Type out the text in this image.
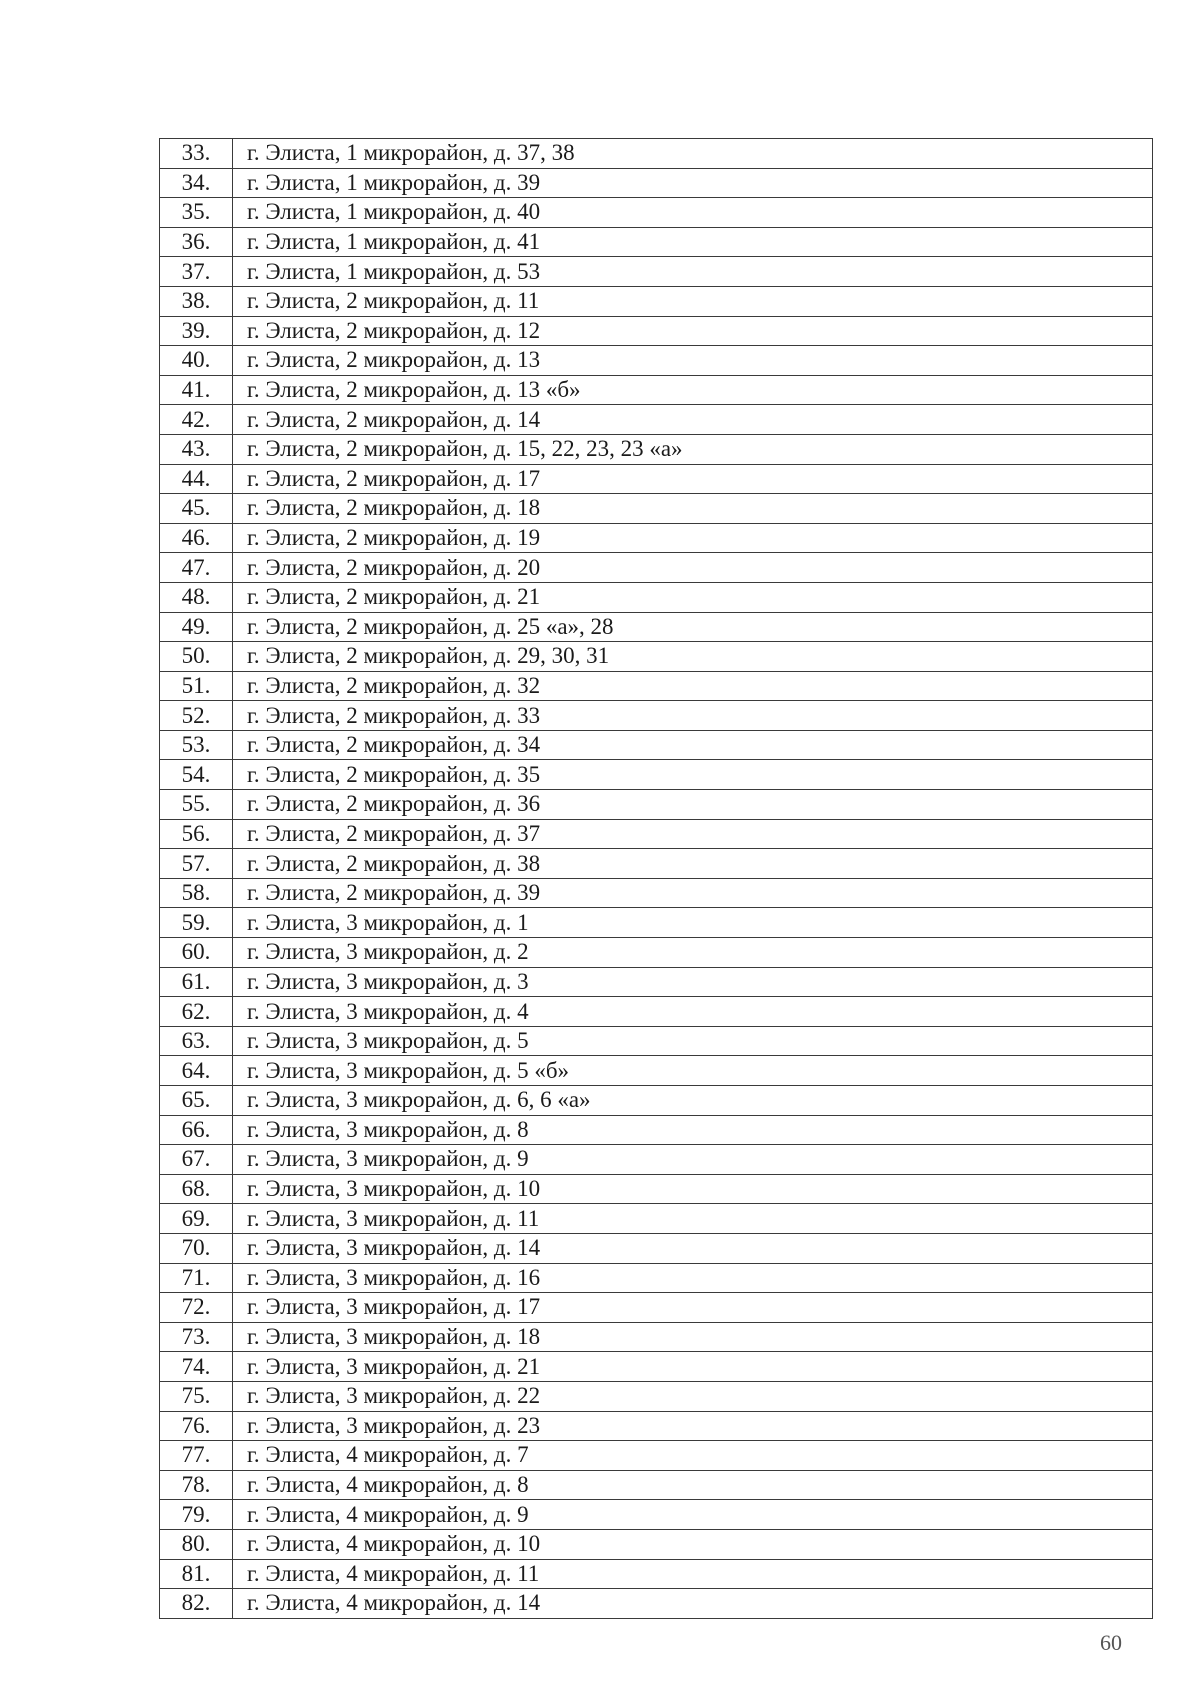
33.	г. Элиста, 1 микрорайон, д. 37, 38
34.	г. Элиста, 1 микрорайон, д. 39
35.	г. Элиста, 1 микрорайон, д. 40
36.	г. Элиста, 1 микрорайон, д. 41
37.	г. Элиста, 1 микрорайон, д. 53
38.	г. Элиста, 2 микрорайон, д. 11
39.	г. Элиста, 2 микрорайон, д. 12
40.	г. Элиста, 2 микрорайон, д. 13
41.	г. Элиста, 2 микрорайон, д. 13 «б»
42.	г. Элиста, 2 микрорайон, д. 14
43.	г. Элиста, 2 микрорайон, д. 15, 22, 23, 23 «а»
44.	г. Элиста, 2 микрорайон, д. 17
45.	г. Элиста, 2 микрорайон, д. 18
46.	г. Элиста, 2 микрорайон, д. 19
47.	г. Элиста, 2 микрорайон, д. 20
48.	г. Элиста, 2 микрорайон, д. 21
49.	г. Элиста, 2 микрорайон, д. 25 «а», 28
50.	г. Элиста, 2 микрорайон, д. 29, 30, 31
51.	г. Элиста, 2 микрорайон, д. 32
52.	г. Элиста, 2 микрорайон, д. 33
53.	г. Элиста, 2 микрорайон, д. 34
54.	г. Элиста, 2 микрорайон, д. 35
55.	г. Элиста, 2 микрорайон, д. 36
56.	г. Элиста, 2 микрорайон, д. 37
57.	г. Элиста, 2 микрорайон, д. 38
58.	г. Элиста, 2 микрорайон, д. 39
59.	г. Элиста, 3 микрорайон, д. 1
60.	г. Элиста, 3 микрорайон, д. 2
61.	г. Элиста, 3 микрорайон, д. 3
62.	г. Элиста, 3 микрорайон, д. 4
63.	г. Элиста, 3 микрорайон, д. 5
64.	г. Элиста, 3 микрорайон, д. 5 «б»
65.	г. Элиста, 3 микрорайон, д. 6, 6 «а»
66.	г. Элиста, 3 микрорайон, д. 8
67.	г. Элиста, 3 микрорайон, д. 9
68.	г. Элиста, 3 микрорайон, д. 10
69.	г. Элиста, 3 микрорайон, д. 11
70.	г. Элиста, 3 микрорайон, д. 14
71.	г. Элиста, 3 микрорайон, д. 16
72.	г. Элиста, 3 микрорайон, д. 17
73.	г. Элиста, 3 микрорайон, д. 18
74.	г. Элиста, 3 микрорайон, д. 21
75.	г. Элиста, 3 микрорайон, д. 22
76.	г. Элиста, 3 микрорайон, д. 23
77.	г. Элиста, 4 микрорайон, д. 7
78.	г. Элиста, 4 микрорайон, д. 8
79.	г. Элиста, 4 микрорайон, д. 9
80.	г. Элиста, 4 микрорайон, д. 10
81.	г. Элиста, 4 микрорайон, д. 11
82.	г. Элиста, 4 микрорайон, д. 14
60
